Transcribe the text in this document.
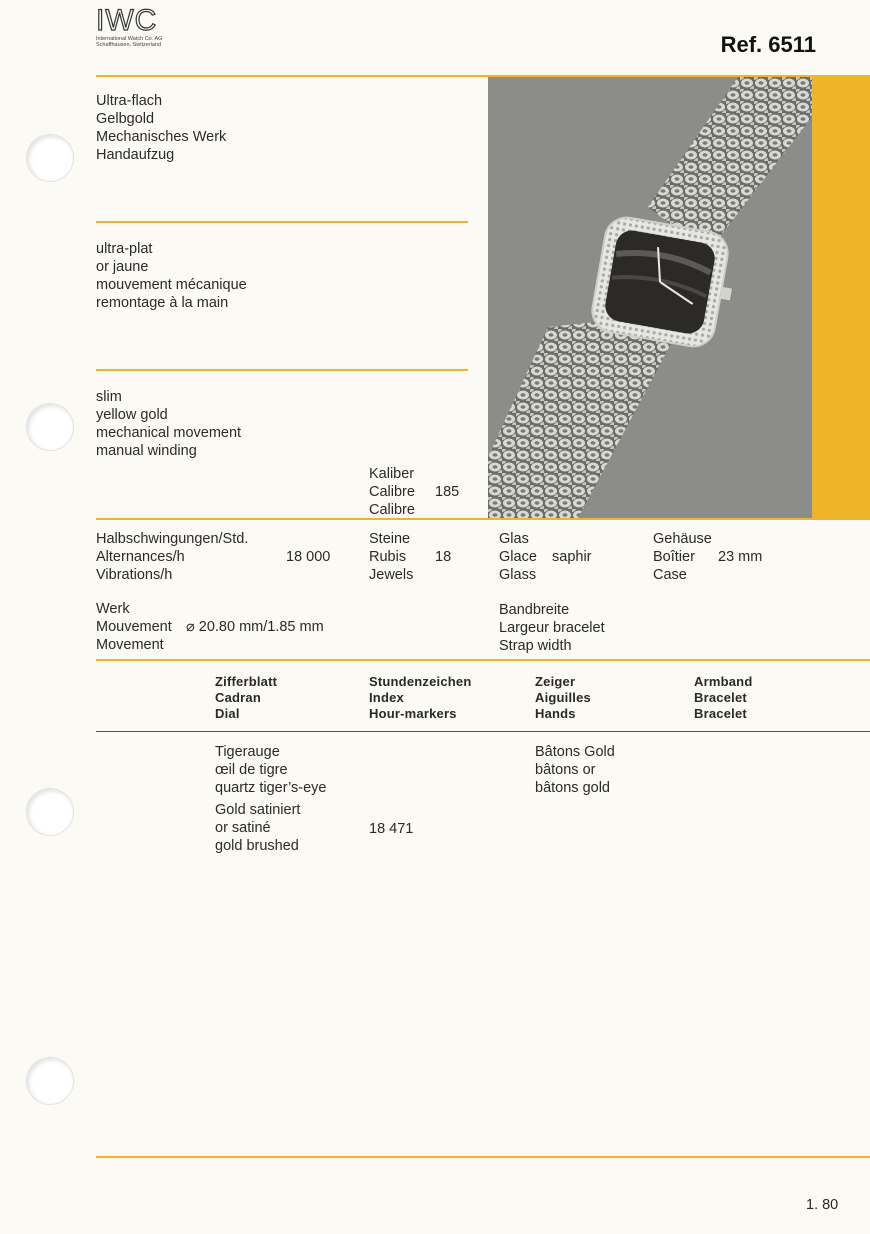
IWC
International Watch Co. AG
Schaffhausen, Switzerland	Ref. 6511
Ultra-flach
Gelbgold
Mechanisches Werk
Handaufzug
ultra-plat
or jaune
mouvement mécanique
remontage à la main
slim
yellow gold
mechanical movement
manual winding
Kaliber
Calibre
Calibre
185
Halbschwingungen/Std.
Alternances/h
Vibrations/h
18 000
Steine
Rubis
Jewels
18
Glas
Glace
Glass
saphir
Gehäuse
Boîtier
Case
23 mm
Werk
Mouvement
Movement
⌀ 20.80 mm/1.85 mm
Bandbreite
Largeur bracelet
Strap width
Zifferblatt
Cadran
Dial
Stundenzeichen
Index
Hour-markers
Zeiger
Aiguilles
Hands
Armband
Bracelet
Bracelet
Tigerauge
œil de tigre
quartz tiger’s-eye
Bâtons Gold
bâtons or
bâtons gold
Gold satiniert
or satiné
gold brushed
18 471
1. 80
